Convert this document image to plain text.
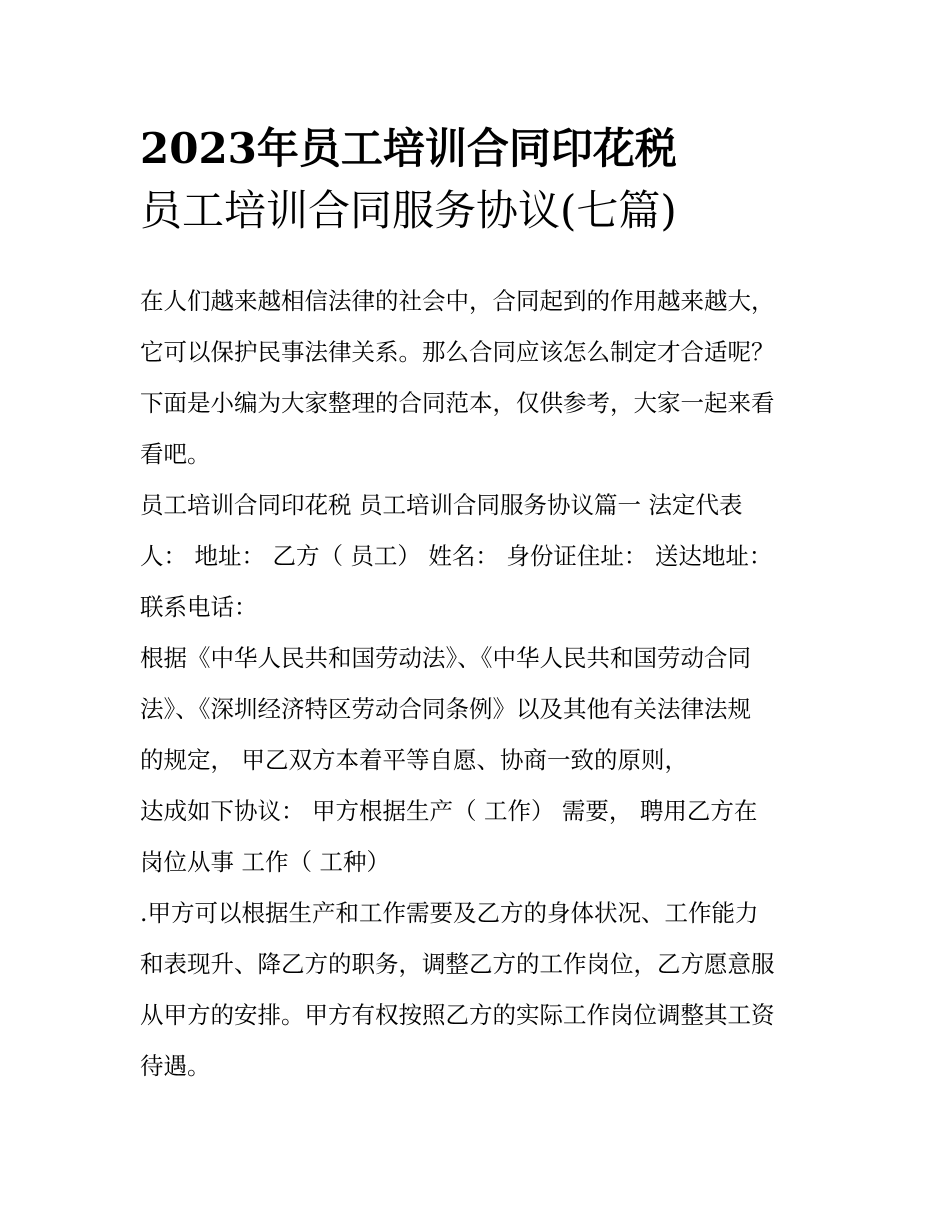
2023年员工培训合同印花税
员工培训合同服务协议(七篇)

在人们越来越相信法律的社会中，合同起到的作用越来越大，
它可以保护民事法律关系。那么合同应该怎么制定才合适呢？
下面是小编为大家整理的合同范本，仅供参考，大家一起来看
看吧。

员工培训合同印花税 员工培训合同服务协议篇一 法定代表
人： 地址： 乙方（ 员工） 姓名： 身份证住址： 送达地址：
联系电话：

根据《中华人民共和国劳动法》、《中华人民共和国劳动合同
法》、《深圳经济特区劳动合同条例》以及其他有关法律法规
的规定， 甲乙双方本着平等自愿、协商一致的原则，

达成如下协议： 甲方根据生产（ 工作） 需要， 聘用乙方在
岗位从事 工作（ 工种）

.甲方可以根据生产和工作需要及乙方的身体状况、工作能力
和表现升、降乙方的职务，调整乙方的工作岗位，乙方愿意服
从甲方的安排。甲方有权按照乙方的实际工作岗位调整其工资
待遇。
